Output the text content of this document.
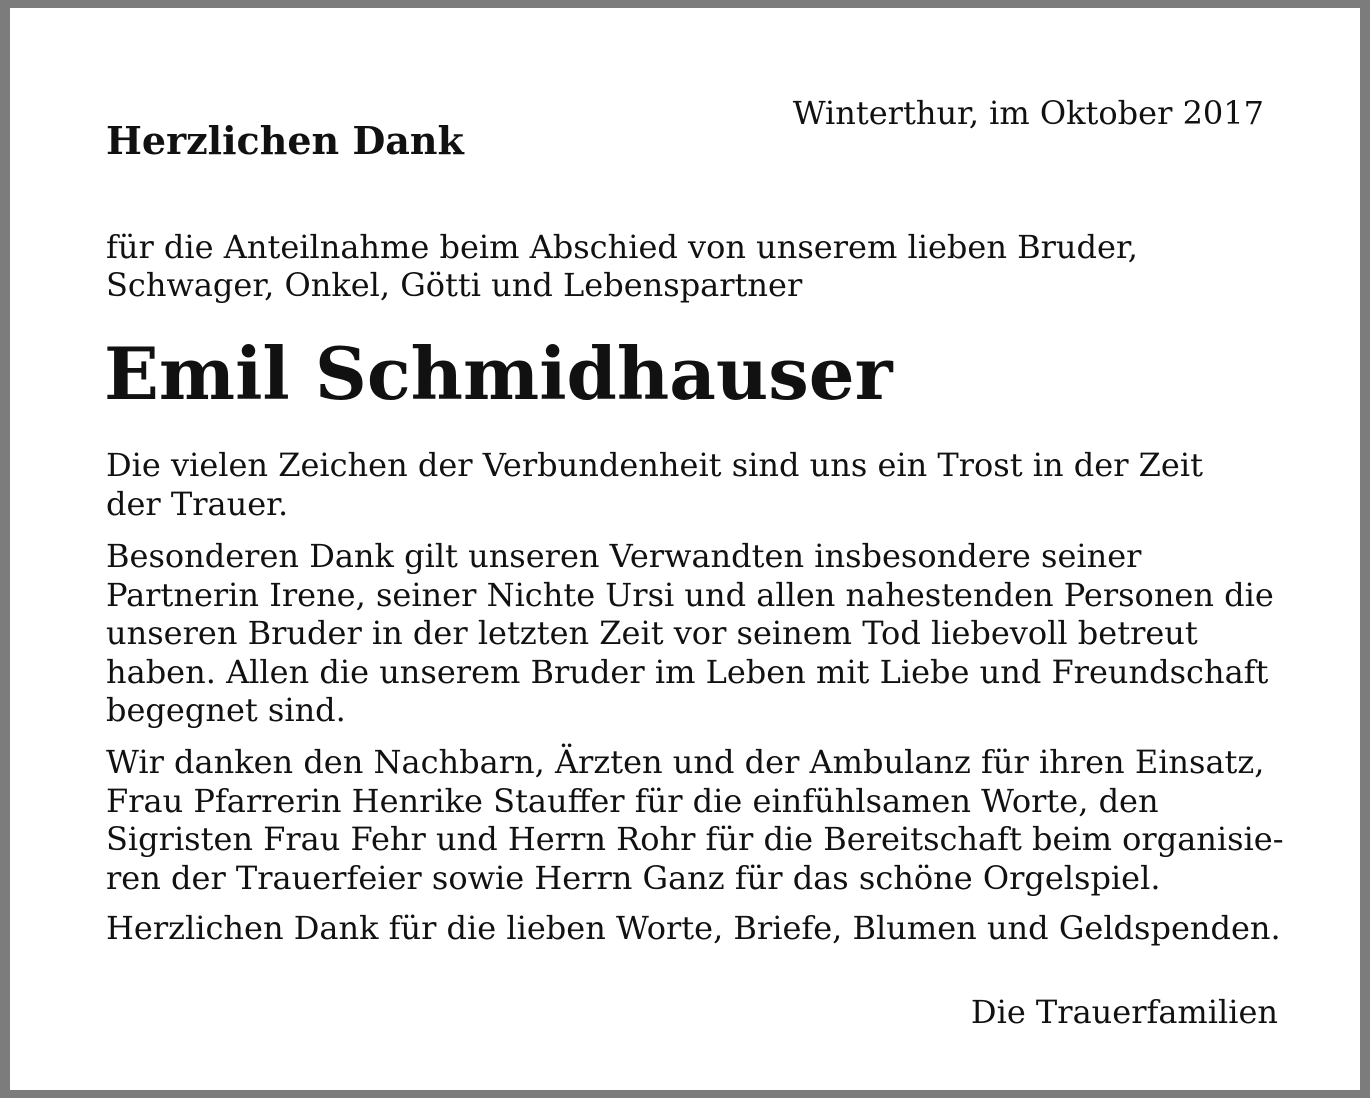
Herzlichen Dank
Winterthur, im Oktober 2017
für die Anteilnahme beim Abschied von unserem lieben Bruder,
Schwager, Onkel, Götti und Lebenspartner
Emil Schmidhauser
Die vielen Zeichen der Verbundenheit sind uns ein Trost in der Zeit
der Trauer.
Besonderen Dank gilt unseren Verwandten insbesondere seiner
Partnerin Irene, seiner Nichte Ursi und allen nahestenden Personen die
unseren Bruder in der letzten Zeit vor seinem Tod liebevoll betreut
haben. Allen die unserem Bruder im Leben mit Liebe und Freundschaft
begegnet sind.
Wir danken den Nachbarn, Ärzten und der Ambulanz für ihren Einsatz,
Frau Pfarrerin Henrike Stauffer für die einfühlsamen Worte, den
Sigristen Frau Fehr und Herrn Rohr für die Bereitschaft beim organisie-
ren der Trauerfeier sowie Herrn Ganz für das schöne Orgelspiel.
Herzlichen Dank für die lieben Worte, Briefe, Blumen und Geldspenden.
Die Trauerfamilien
